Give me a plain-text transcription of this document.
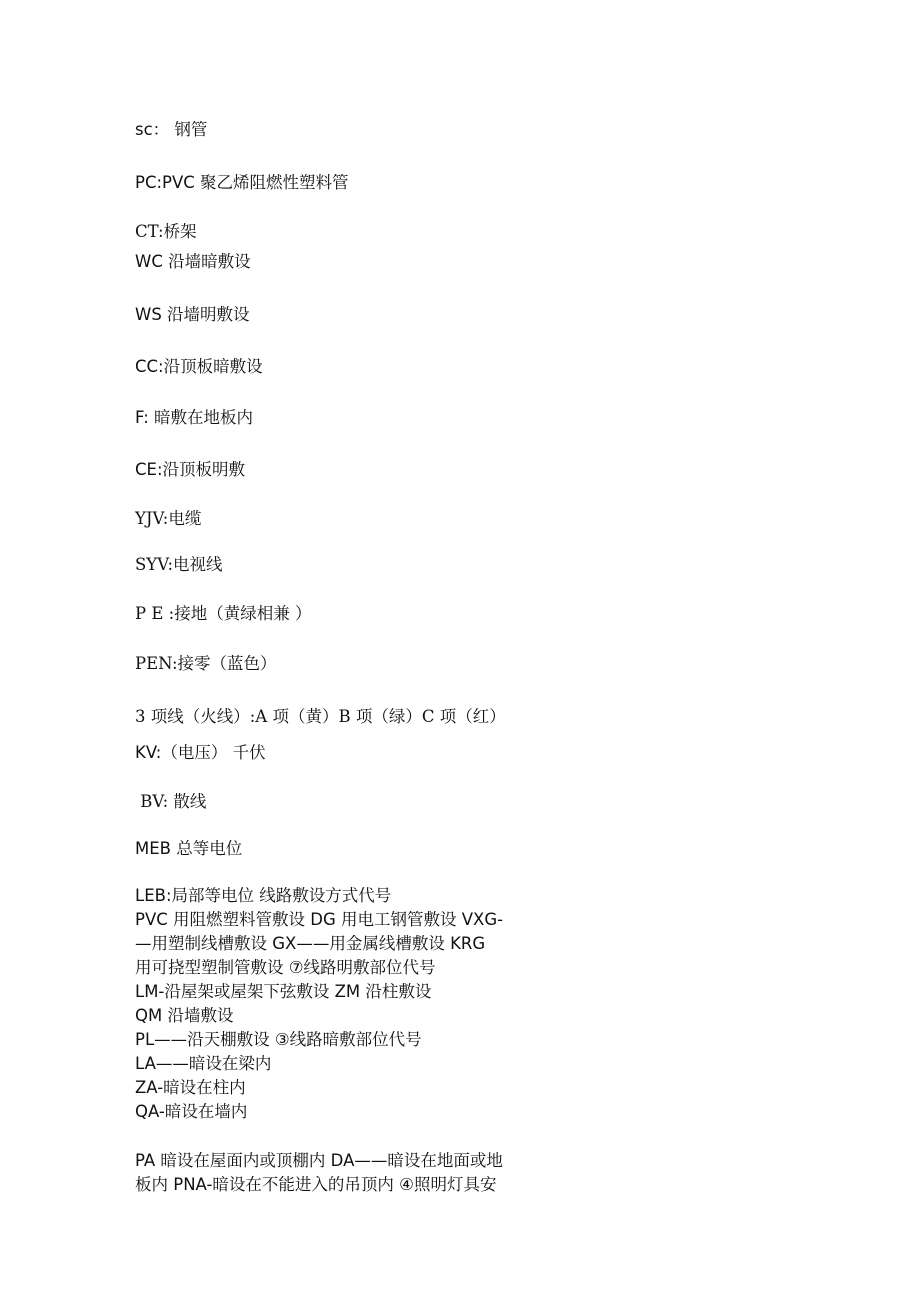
sc： 钢管
PC:PVC 聚乙烯阻燃性塑料管
CT:桥架
WC 沿墙暗敷设
WS 沿墙明敷设
CC:沿顶板暗敷设
F: 暗敷在地板内
CE:沿顶板明敷
YJV:电缆
SYV:电视线
P E :接地（黄绿相兼 ）
PEN:接零（蓝色）
3 项线（火线）:A 项（黄）B 项（绿）C 项（红）
KV:（电压） 千伏
BV: 散线
MEB 总等电位
LEB:局部等电位 线路敷设方式代号
PVC 用阻燃塑料管敷设 DG 用电工钢管敷设 VXG-
—用塑制线槽敷设 GX——用金属线槽敷设 KRG
用可挠型塑制管敷设 ⑦线路明敷部位代号
LM-沿屋架或屋架下弦敷设 ZM 沿柱敷设
QM 沿墙敷设
PL——沿天棚敷设 ③线路暗敷部位代号
LA——暗设在梁内
ZA-暗设在柱内
QA-暗设在墙内
PA 暗设在屋面内或顶棚内 DA——暗设在地面或地
板内 PNA-暗设在不能进入的吊顶内 ④照明灯具安
